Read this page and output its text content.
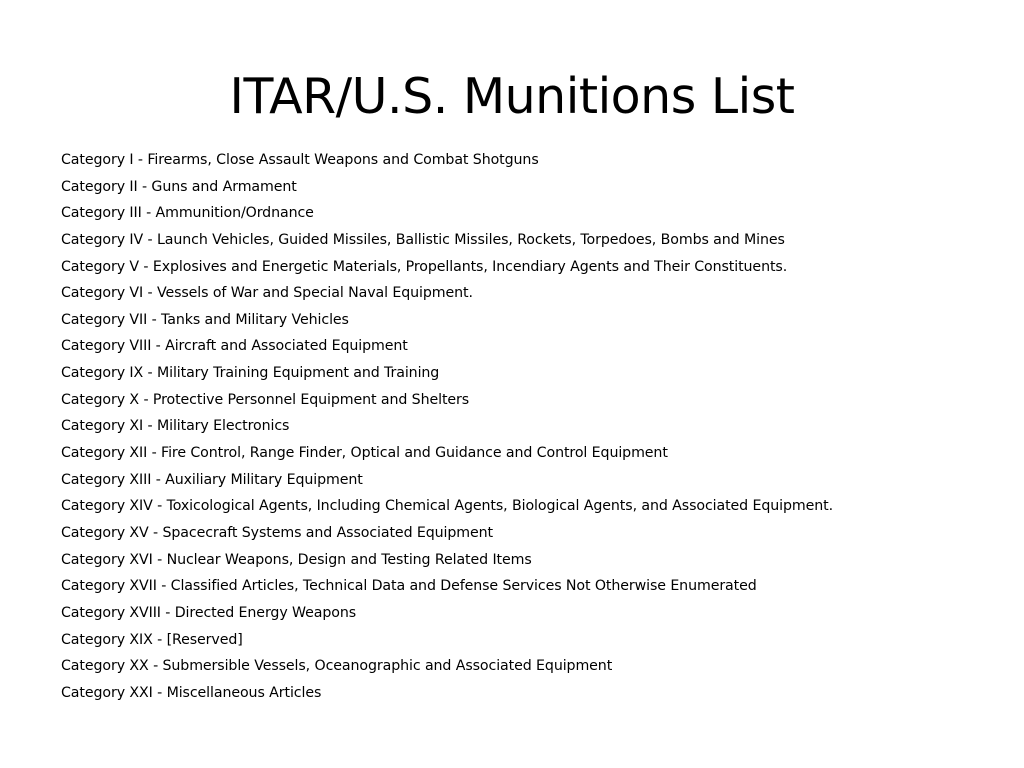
ITAR/U.S. Munitions List
Category I - Firearms, Close Assault Weapons and Combat Shotguns
Category II - Guns and Armament
Category III - Ammunition/Ordnance
Category IV - Launch Vehicles, Guided Missiles, Ballistic Missiles, Rockets, Torpedoes, Bombs and Mines
Category V - Explosives and Energetic Materials, Propellants, Incendiary Agents and Their Constituents.
Category VI - Vessels of War and Special Naval Equipment.
Category VII - Tanks and Military Vehicles
Category VIII - Aircraft and Associated Equipment
Category IX - Military Training Equipment and Training
Category X - Protective Personnel Equipment and Shelters
Category XI - Military Electronics
Category XII - Fire Control, Range Finder, Optical and Guidance and Control Equipment
Category XIII - Auxiliary Military Equipment
Category XIV - Toxicological Agents, Including Chemical Agents, Biological Agents, and Associated Equipment.
Category XV - Spacecraft Systems and Associated Equipment
Category XVI - Nuclear Weapons, Design and Testing Related Items
Category XVII - Classified Articles, Technical Data and Defense Services Not Otherwise Enumerated
Category XVIII - Directed Energy Weapons
Category XIX - [Reserved]
Category XX - Submersible Vessels, Oceanographic and Associated Equipment
Category XXI - Miscellaneous Articles
